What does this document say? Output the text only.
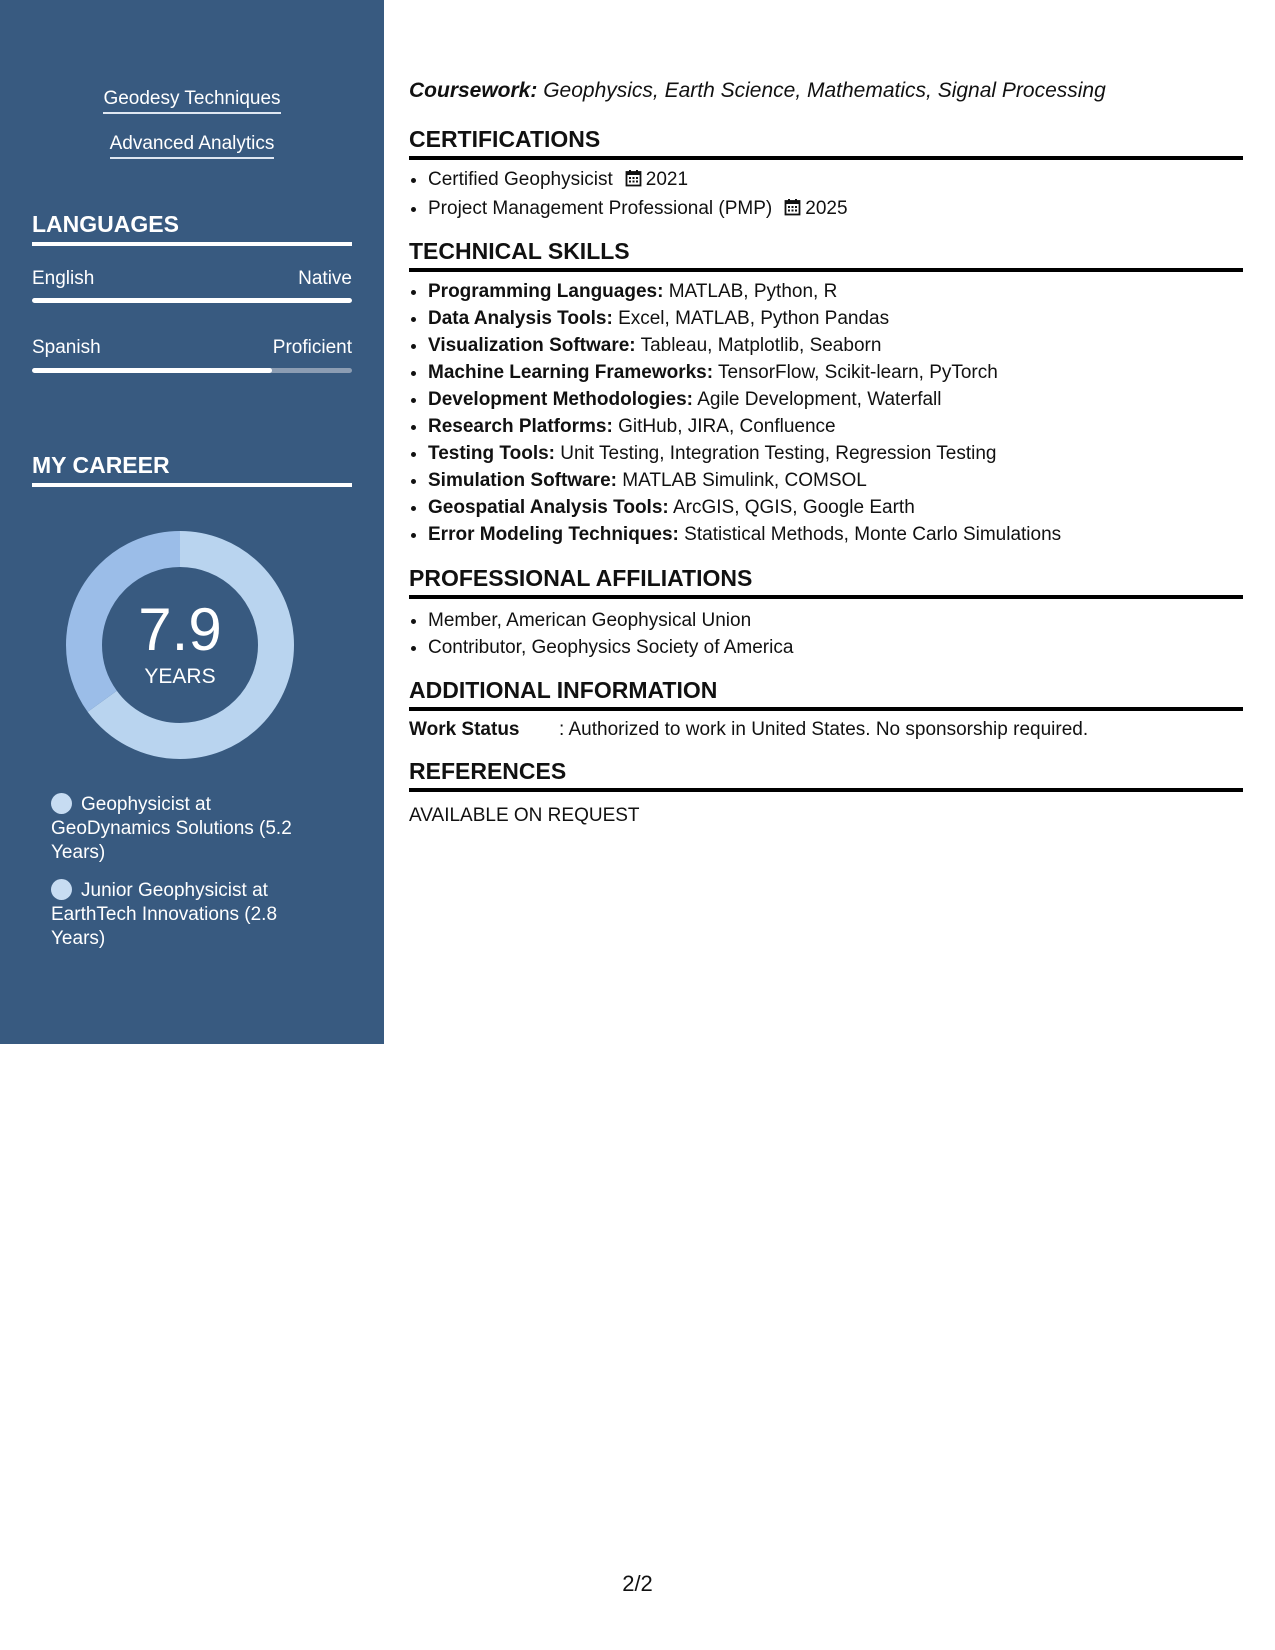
Geodesy Techniques
Advanced Analytics
LANGUAGES
English	Native
Spanish	Proficient
MY CAREER
7.9
YEARS
Geophysicist at GeoDynamics Solutions (5.2 Years)
Junior Geophysicist at EarthTech Innovations (2.8 Years)
Coursework: Geophysics, Earth Science, Mathematics, Signal Processing
CERTIFICATIONS
• Certified Geophysicist 2021
• Project Management Professional (PMP) 2025
TECHNICAL SKILLS
• Programming Languages: MATLAB, Python, R
• Data Analysis Tools: Excel, MATLAB, Python Pandas
• Visualization Software: Tableau, Matplotlib, Seaborn
• Machine Learning Frameworks: TensorFlow, Scikit-learn, PyTorch
• Development Methodologies: Agile Development, Waterfall
• Research Platforms: GitHub, JIRA, Confluence
• Testing Tools: Unit Testing, Integration Testing, Regression Testing
• Simulation Software: MATLAB Simulink, COMSOL
• Geospatial Analysis Tools: ArcGIS, QGIS, Google Earth
• Error Modeling Techniques: Statistical Methods, Monte Carlo Simulations
PROFESSIONAL AFFILIATIONS
• Member, American Geophysical Union
• Contributor, Geophysics Society of America
ADDITIONAL INFORMATION
Work Status : Authorized to work in United States. No sponsorship required.
REFERENCES
AVAILABLE ON REQUEST
2/2
